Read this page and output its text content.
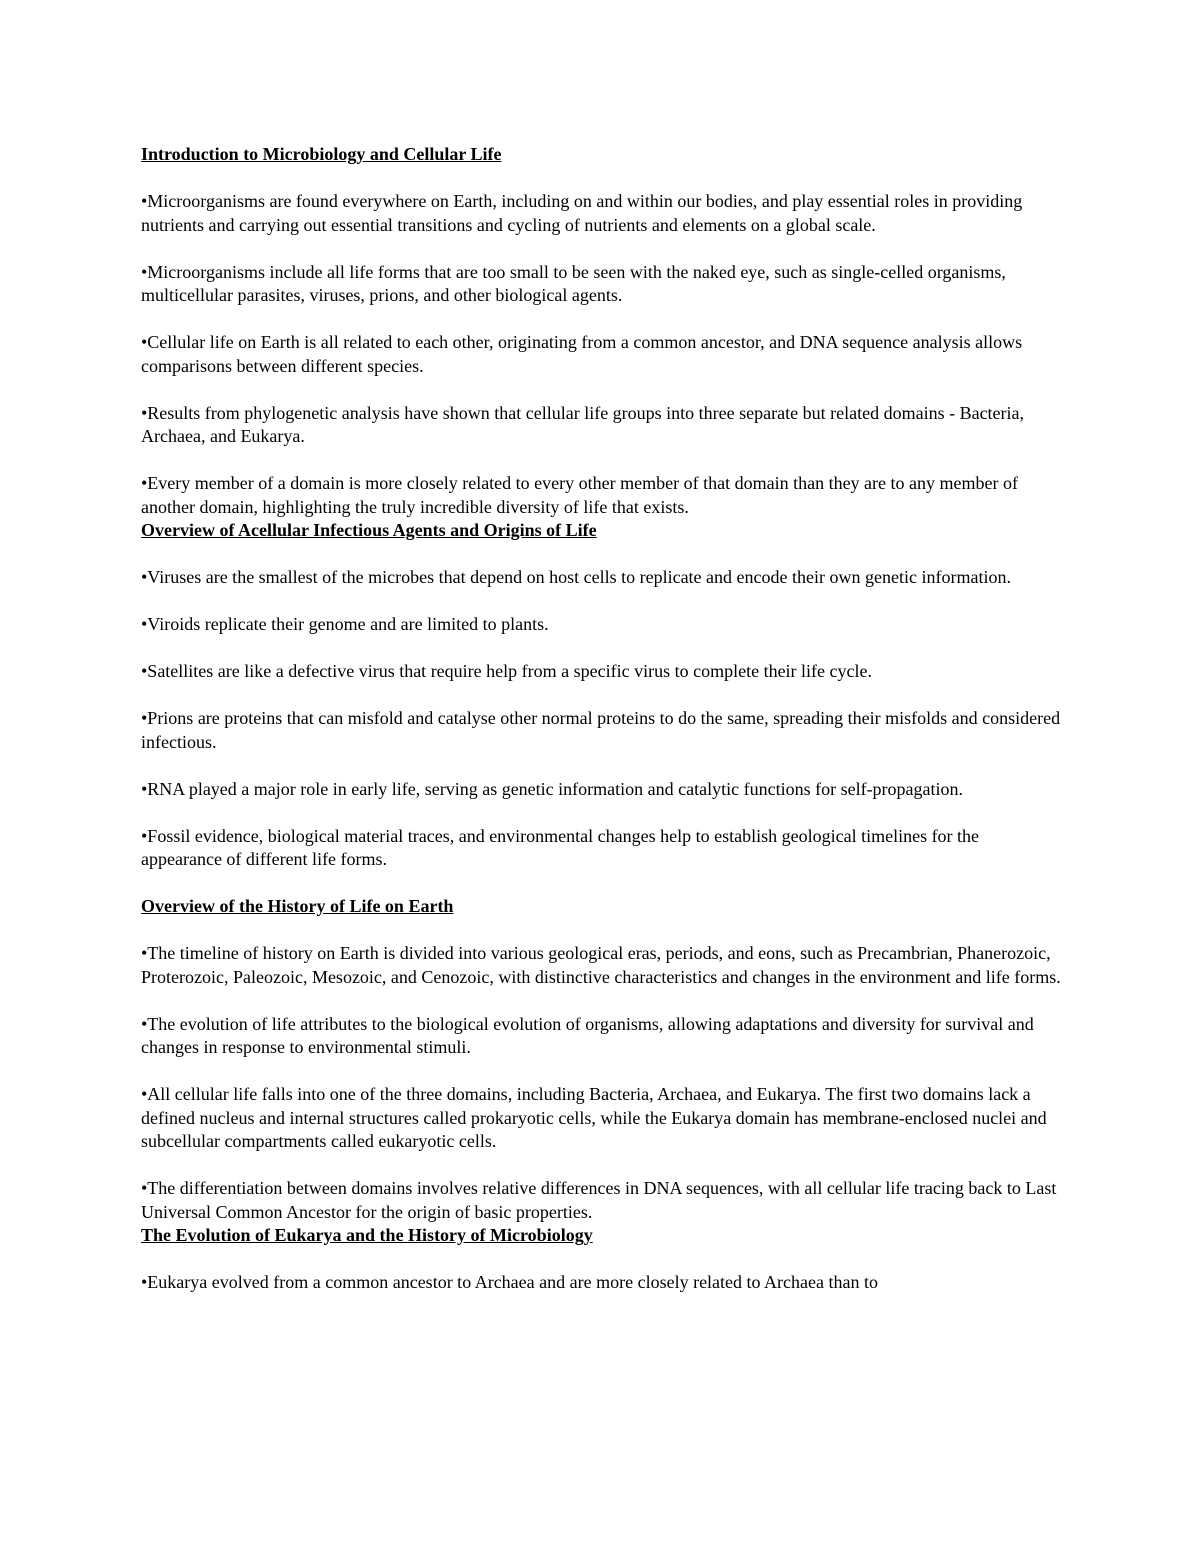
Introduction to Microbiology and Cellular Life

•Microorganisms are found everywhere on Earth, including on and within our bodies, and play essential roles in providing nutrients and carrying out essential transitions and cycling of nutrients and elements on a global scale.

•Microorganisms include all life forms that are too small to be seen with the naked eye, such as single-celled organisms, multicellular parasites, viruses, prions, and other biological agents.

•Cellular life on Earth is all related to each other, originating from a common ancestor, and DNA sequence analysis allows comparisons between different species.

•Results from phylogenetic analysis have shown that cellular life groups into three separate but related domains - Bacteria, Archaea, and Eukarya.

•Every member of a domain is more closely related to every other member of that domain than they are to any member of another domain, highlighting the truly incredible diversity of life that exists.

Overview of Acellular Infectious Agents and Origins of Life

•Viruses are the smallest of the microbes that depend on host cells to replicate and encode their own genetic information.

•Viroids replicate their genome and are limited to plants.

•Satellites are like a defective virus that require help from a specific virus to complete their life cycle.

•Prions are proteins that can misfold and catalyse other normal proteins to do the same, spreading their misfolds and considered infectious.

•RNA played a major role in early life, serving as genetic information and catalytic functions for self-propagation.

•Fossil evidence, biological material traces, and environmental changes help to establish geological timelines for the appearance of different life forms.

Overview of the History of Life on Earth

•The timeline of history on Earth is divided into various geological eras, periods, and eons, such as Precambrian, Phanerozoic, Proterozoic, Paleozoic, Mesozoic, and Cenozoic, with distinctive characteristics and changes in the environment and life forms.

•The evolution of life attributes to the biological evolution of organisms, allowing adaptations and diversity for survival and changes in response to environmental stimuli.

•All cellular life falls into one of the three domains, including Bacteria, Archaea, and Eukarya. The first two domains lack a defined nucleus and internal structures called prokaryotic cells, while the Eukarya domain has membrane-enclosed nuclei and subcellular compartments called eukaryotic cells.

•The differentiation between domains involves relative differences in DNA sequences, with all cellular life tracing back to Last Universal Common Ancestor for the origin of basic properties.

The Evolution of Eukarya and the History of Microbiology

•Eukarya evolved from a common ancestor to Archaea and are more closely related to Archaea than to
